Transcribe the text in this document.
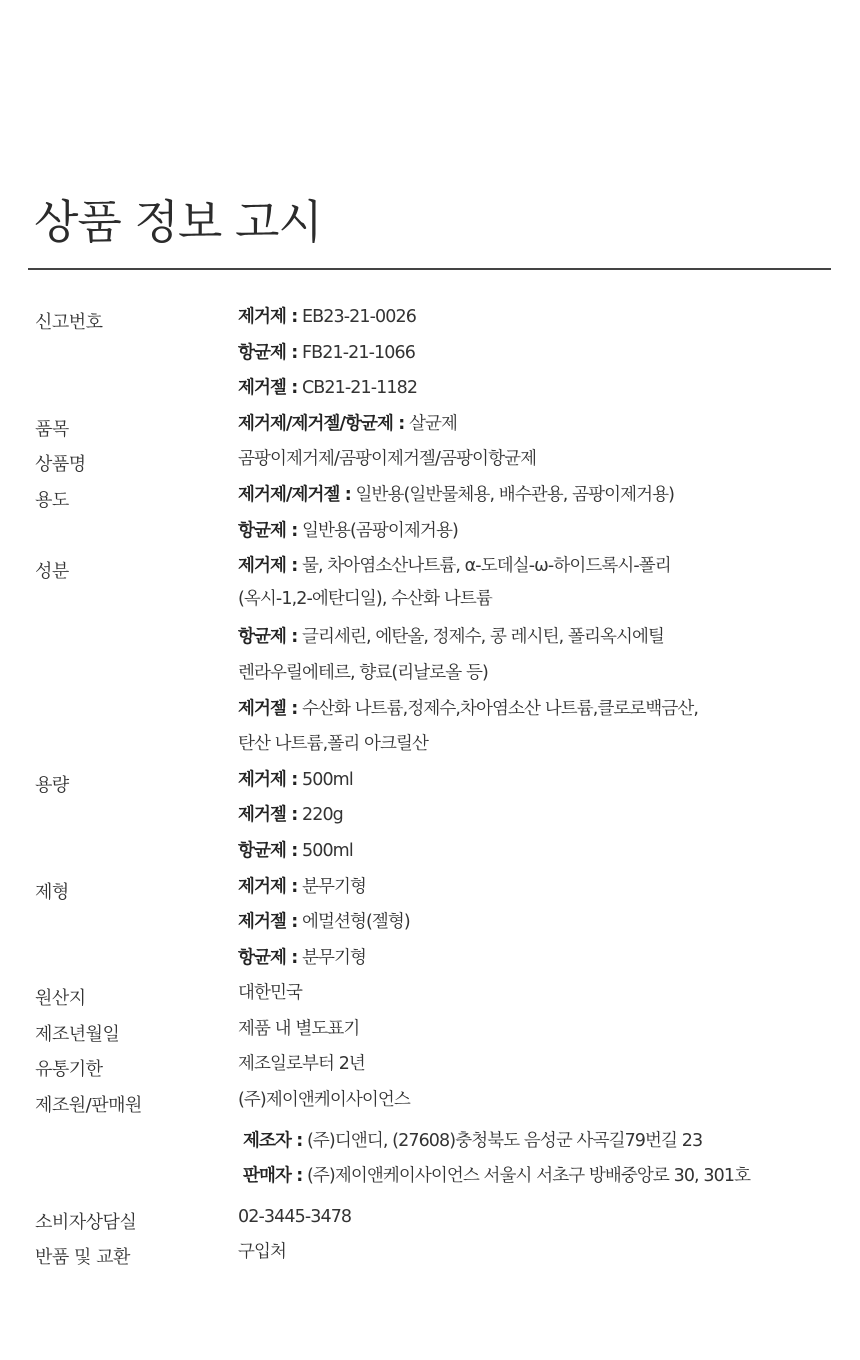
상품 정보 고시
신고번호	제거제 : EB23-21-0026
항균제 : FB21-21-1066
제거젤 : CB21-21-1182
품목	제거제/제거젤/항균제 : 살균제
상품명	곰팡이제거제/곰팡이제거젤/곰팡이항균제
용도	제거제/제거젤 : 일반용(일반물체용, 배수관용, 곰팡이제거용)
항균제 : 일반용(곰팡이제거용)
성분	제거제 : 물, 차아염소산나트륨, α-도데실-ω-하이드록시-폴리
(옥시-1,2-에탄디일), 수산화 나트륨
항균제 : 글리세린, 에탄올, 정제수, 콩 레시틴, 폴리옥시에틸
렌라우릴에테르, 향료(리날로올 등)
제거젤 : 수산화 나트륨,정제수,차아염소산 나트륨,클로로백금산,
탄산 나트륨,폴리 아크릴산
용량	제거제 : 500ml
제거젤 : 220g
항균제 : 500ml
제형	제거제 : 분무기형
제거젤 : 에멀션형(젤형)
항균제 : 분무기형
원산지	대한민국
제조년월일	제품 내 별도표기
유통기한	제조일로부터 2년
제조원/판매원	(주)제이앤케이사이언스
제조자 : (주)디앤디, (27608)충청북도 음성군 사곡길79번길 23
판매자 : (주)제이앤케이사이언스 서울시 서초구 방배중앙로 30, 301호
소비자상담실	02-3445-3478
반품 및 교환	구입처
